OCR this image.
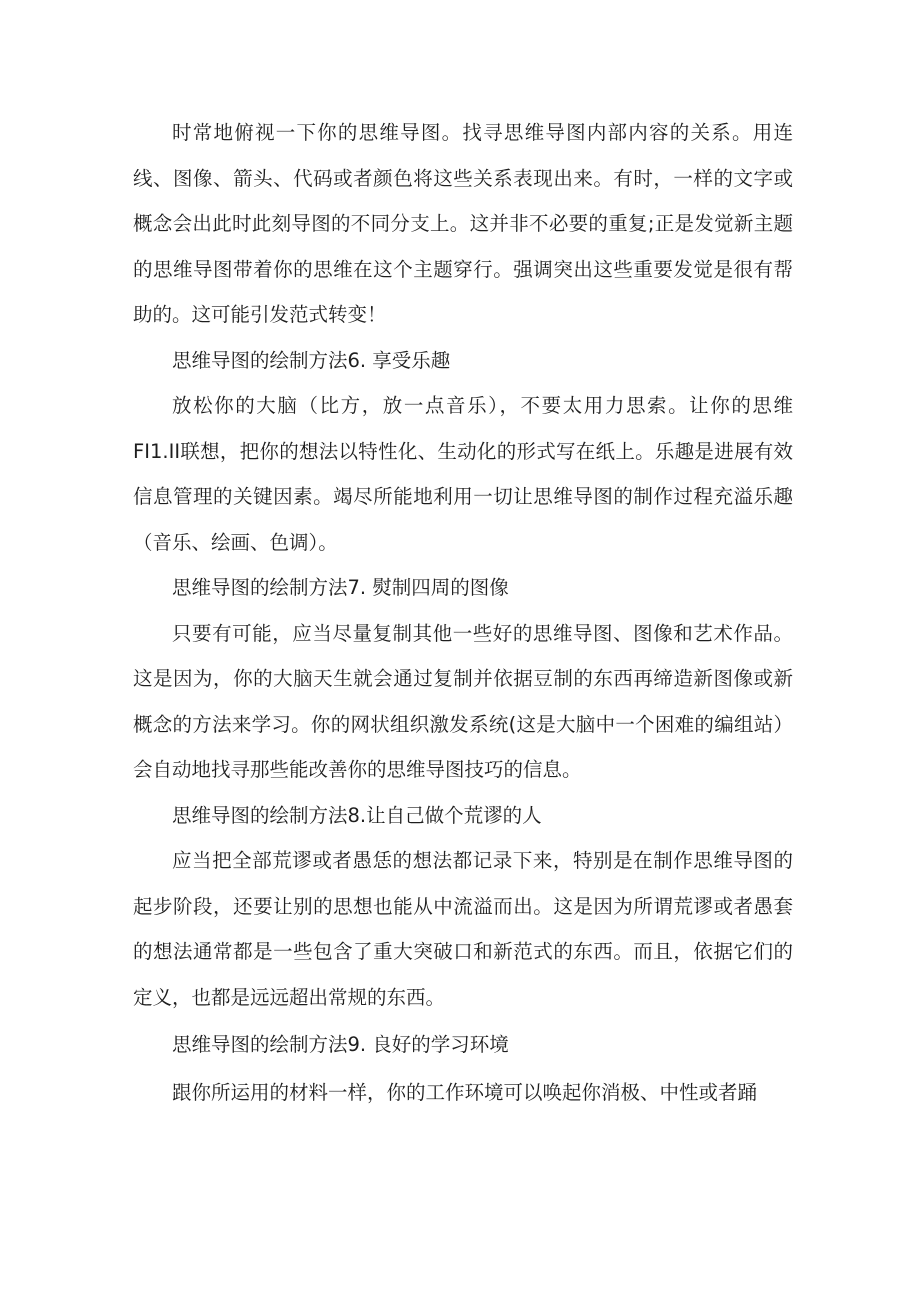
时常地俯视一下你的思维导图。找寻思维导图内部内容的关系。用连线、图像、箭头、代码或者颜色将这些关系表现出来。有时，一样的文字或概念会出此时此刻导图的不同分支上。这并非不必要的重复;正是发觉新主题的思维导图带着你的思维在这个主题穿行。强调突出这些重要发觉是很有帮助的。这可能引发范式转变！

思维导图的绘制方法6. 享受乐趣

放松你的大脑（比方，放一点音乐），不要太用力思索。让你的思维FI1.II联想，把你的想法以特性化、生动化的形式写在纸上。乐趣是进展有效信息管理的关键因素。竭尽所能地利用一切让思维导图的制作过程充溢乐趣（音乐、绘画、色调）。

思维导图的绘制方法7. 熨制四周的图像

只要有可能，应当尽量复制其他一些好的思维导图、图像和艺术作品。这是因为，你的大脑天生就会通过复制并依据豆制的东西再缔造新图像或新概念的方法来学习。你的网状组织激发系统(这是大脑中一个困难的编组站）会自动地找寻那些能改善你的思维导图技巧的信息。

思维导图的绘制方法8.让自己做个荒谬的人

应当把全部荒谬或者愚恁的想法都记录下来，特别是在制作思维导图的起步阶段，还要让别的思想也能从中流溢而出。这是因为所谓荒谬或者愚套的想法通常都是一些包含了重大突破口和新范式的东西。而且，依据它们的定义，也都是远远超出常规的东西。

思维导图的绘制方法9. 良好的学习环境

跟你所运用的材料一样，你的工作环境可以唤起你消极、中性或者踊
